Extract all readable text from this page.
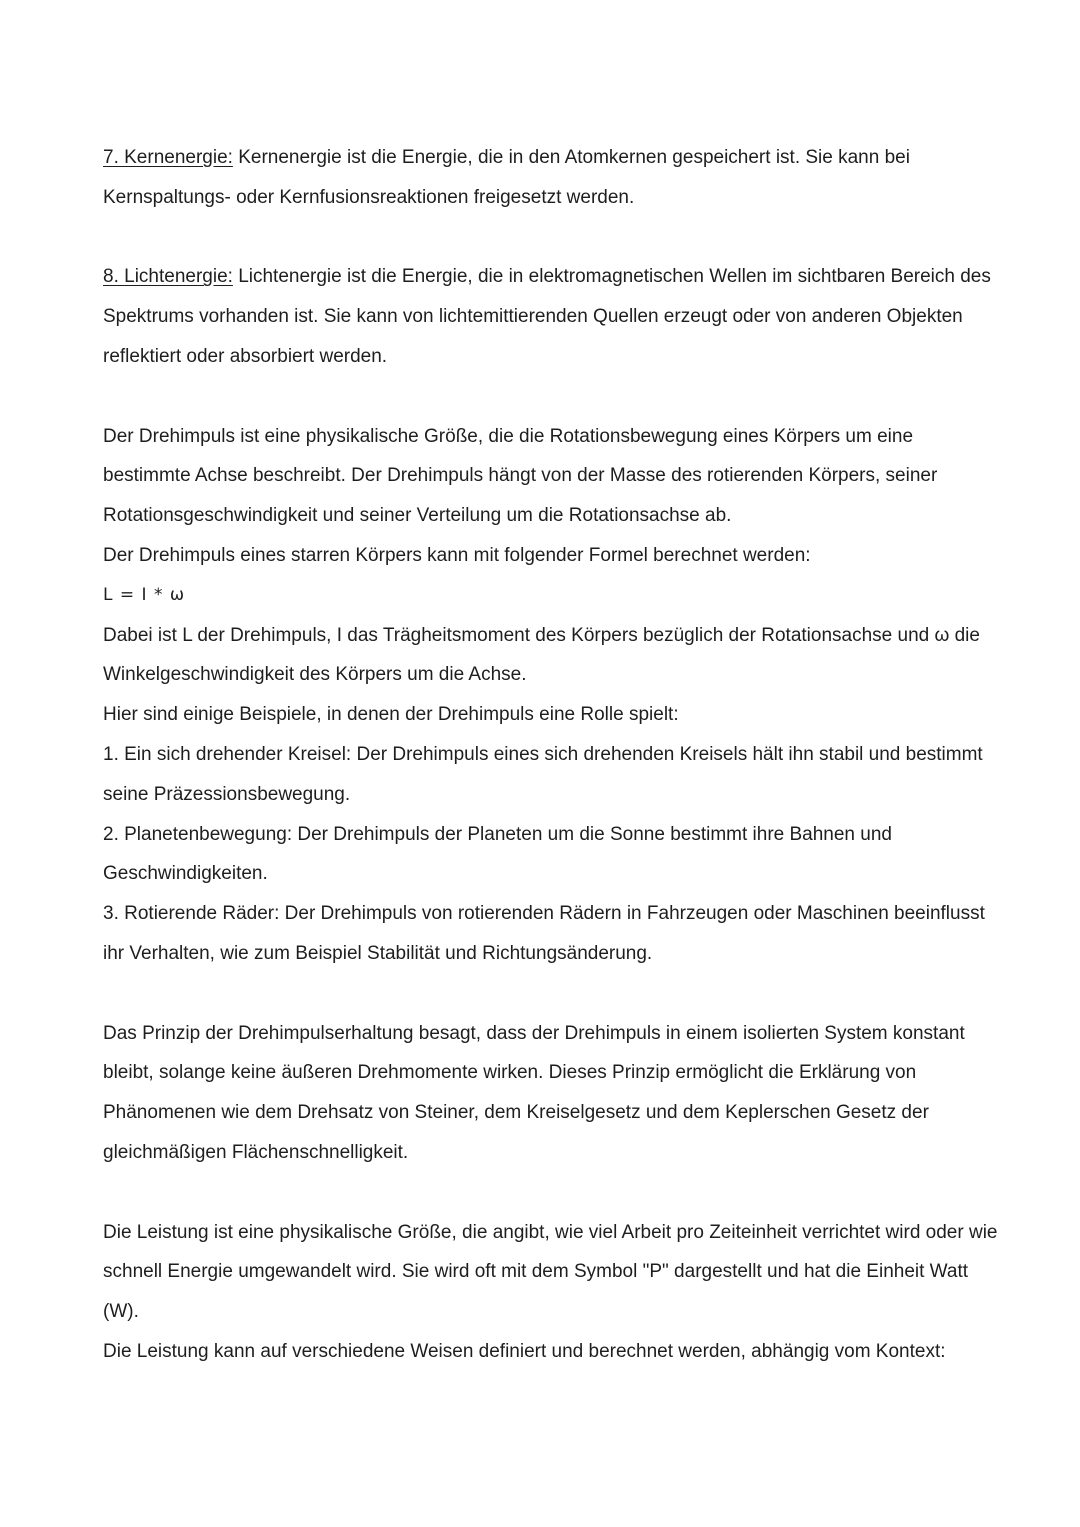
7. Kernenergie: Kernenergie ist die Energie, die in den Atomkernen gespeichert ist. Sie kann bei Kernspaltungs- oder Kernfusionsreaktionen freigesetzt werden.

8. Lichtenergie: Lichtenergie ist die Energie, die in elektromagnetischen Wellen im sichtbaren Bereich des Spektrums vorhanden ist. Sie kann von lichtemittierenden Quellen erzeugt oder von anderen Objekten reflektiert oder absorbiert werden.

Der Drehimpuls ist eine physikalische Größe, die die Rotationsbewegung eines Körpers um eine bestimmte Achse beschreibt. Der Drehimpuls hängt von der Masse des rotierenden Körpers, seiner Rotationsgeschwindigkeit und seiner Verteilung um die Rotationsachse ab.

Der Drehimpuls eines starren Körpers kann mit folgender Formel berechnet werden:

L = I * ω

Dabei ist L der Drehimpuls, I das Trägheitsmoment des Körpers bezüglich der Rotationsachse und ω die Winkelgeschwindigkeit des Körpers um die Achse.

Hier sind einige Beispiele, in denen der Drehimpuls eine Rolle spielt:

1. Ein sich drehender Kreisel: Der Drehimpuls eines sich drehenden Kreisels hält ihn stabil und bestimmt seine Präzessionsbewegung.

2. Planetenbewegung: Der Drehimpuls der Planeten um die Sonne bestimmt ihre Bahnen und Geschwindigkeiten.

3. Rotierende Räder: Der Drehimpuls von rotierenden Rädern in Fahrzeugen oder Maschinen beeinflusst ihr Verhalten, wie zum Beispiel Stabilität und Richtungsänderung.

Das Prinzip der Drehimpulserhaltung besagt, dass der Drehimpuls in einem isolierten System konstant bleibt, solange keine äußeren Drehmomente wirken. Dieses Prinzip ermöglicht die Erklärung von Phänomenen wie dem Drehsatz von Steiner, dem Kreiselgesetz und dem Keplerschen Gesetz der gleichmäßigen Flächenschnelligkeit.

Die Leistung ist eine physikalische Größe, die angibt, wie viel Arbeit pro Zeiteinheit verrichtet wird oder wie schnell Energie umgewandelt wird. Sie wird oft mit dem Symbol "P" dargestellt und hat die Einheit Watt (W).

Die Leistung kann auf verschiedene Weisen definiert und berechnet werden, abhängig vom Kontext:
